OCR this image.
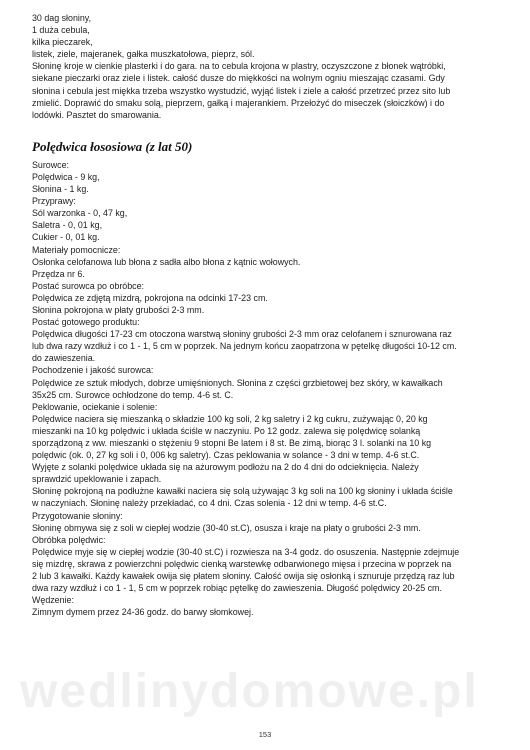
30 dag słoniny,
1 duża cebula,
kilka pieczarek,
listek, ziele, majeranek, gałka muszkatołowa, pieprz, sól.
Słoninę kroje w cienkie plasterki i do gara. na to cebula krojona w plastry, oczyszczone z błonek wątróbki,
siekane pieczarki oraz ziele i listek. całość dusze do miękkości na wolnym ogniu mieszając czasami. Gdy
słonina i cebula jest miękka trzeba wszystko wystudzić, wyjąć listek i ziele a całość przetrzeć przez sito lub
zmielić. Doprawić do smaku solą, pieprzem, gałką i majerankiem. Przełożyć do miseczek (słoiczków) i do
lodówki. Pasztet do smarowania.
Polędwica łososiowa (z lat 50)
Surowce:
Polędwica - 9 kg,
Słonina - 1 kg.
Przyprawy:
Sól warzonka - 0, 47 kg,
Saletra - 0, 01 kg,
Cukier - 0, 01 kg.
Materiały pomocnicze:
Osłonka celofanowa lub błona z sadła albo błona z kątnic wołowych.
Przędza nr 6.
Postać surowca po obróbce:
Polędwica ze zdjętą mizdrą, pokrojona na odcinki 17-23 cm.
Słonina pokrojona w płaty grubości 2-3 mm.
Postać gotowego produktu:
Polędwica długości 17-23 cm otoczona warstwą słoniny grubości 2-3 mm oraz celofanem i sznurowana raz
lub dwa razy wzdłuż i co 1 - 1, 5 cm w poprzek. Na jednym końcu zaopatrzona w pętelkę długości 10-12 cm.
do zawieszenia.
Pochodzenie i jakość surowca:
Polędwice ze sztuk młodych, dobrze umięśnionych. Słonina z części grzbietowej bez skóry, w kawałkach
35x25 cm. Surowce ochłodzone do temp. 4-6 st. C.
Peklowanie, ociekanie i solenie:
Polędwice naciera się mieszanką o składzie 100 kg soli, 2 kg saletry i 2 kg cukru, zużywając 0, 20 kg
mieszanki na 10 kg polędwic i układa ściśle w naczyniu. Po 12 godz. zalewa się polędwicę solanką
sporządzoną z ww. mieszanki o stężeniu 9 stopni Be latem i 8 st. Be zimą, biorąc 3 l. solanki na 10 kg
polędwic (ok. 0, 27 kg soli i 0, 006 kg saletry). Czas peklowania w solance - 3 dni w temp. 4-6 st.C.
Wyjęte z solanki polędwice układa się na ażurowym podłożu na 2 do 4 dni do odcieknięcia. Należy
sprawdzić upeklowanie i zapach.
Słoninę pokrojoną na podłużne kawałki naciera się solą używając 3 kg soli na 100 kg słoniny i układa ściśle
w naczyniach. Słoninę należy przekładać, co 4 dni. Czas solenia - 12 dni w temp. 4-6 st.C.
Przygotowanie słoniny:
Słoninę obmywa się z soli w ciepłej wodzie (30-40 st.C), osusza i kraje na płaty o grubości 2-3 mm.
Obróbka polędwic:
Polędwice myje się w ciepłej wodzie (30-40 st.C) i rozwiesza na 3-4 godz. do osuszenia. Następnie zdejmuje
się mizdrę, skrawa z powierzchni polędwic cienką warstewkę odbarwionego mięsa i przecina w poprzek na
2 lub 3 kawałki. Każdy kawałek owija się płatem słoniny. Całość owija się osłonką i sznuruje przędzą raz lub
dwa razy wzdłuż i co 1 - 1, 5 cm w poprzek robiąc pętelkę do zawieszenia. Długość polędwicy 20-25 cm.
Wędzenie:
Zimnym dymem przez 24-36 godz. do barwy słomkowej.
wedlinydomowe.pl
153
